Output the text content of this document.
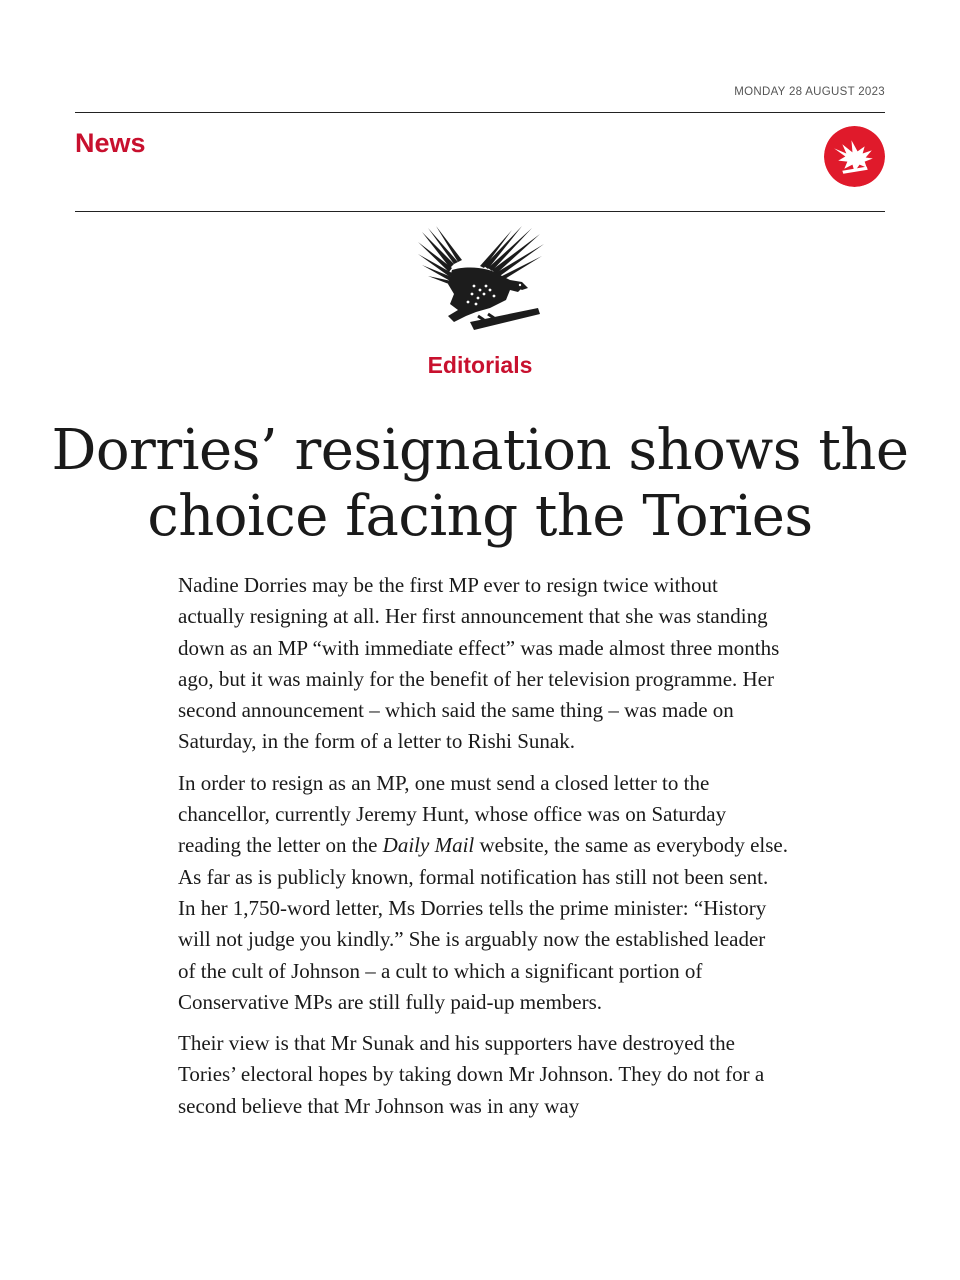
MONDAY 28 AUGUST 2023
News
Editorials
Dorries’ resignation shows the choice facing the Tories

Nadine Dorries may be the first MP ever to resign twice without actually resigning at all. Her first announcement that she was standing down as an MP “with immediate effect” was made almost three months ago, but it was mainly for the benefit of her television programme. Her second announcement – which said the same thing – was made on Saturday, in the form of a letter to Rishi Sunak.

In order to resign as an MP, one must send a closed letter to the chancellor, currently Jeremy Hunt, whose office was on Saturday reading the letter on the Daily Mail website, the same as everybody else. As far as is publicly known, formal notification has still not been sent. In her 1,750-word letter, Ms Dorries tells the prime minister: “History will not judge you kindly.” She is arguably now the established leader of the cult of Johnson – a cult to which a significant portion of Conservative MPs are still fully paid-up members.

Their view is that Mr Sunak and his supporters have destroyed the Tories’ electoral hopes by taking down Mr Johnson. They do not for a second believe that Mr Johnson was in any way
